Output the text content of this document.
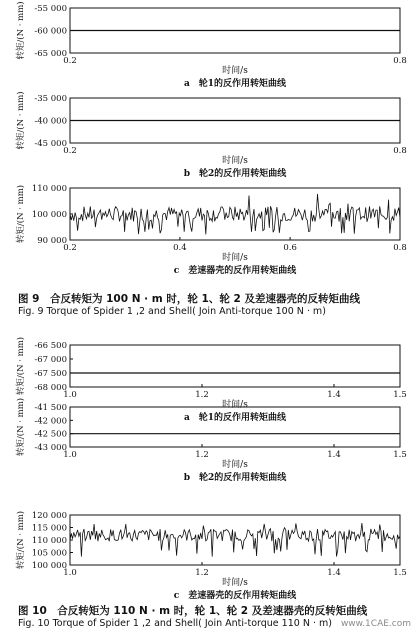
-55 000
-60 000
-65 000
0.2	0.8
转矩/(N · mm)
时间/s
a　轮1的反作用转矩曲线
-35 000
-40 000
-45 000
0.2	0.8
转矩/(N · mm)
时间/s
b　轮2的反作用转矩曲线
110 000
100 000
90 000
0.2	0.4	0.6	0.8
转矩/(N · mm)
时间/s
c　差速器壳的反作用转矩曲线
-66 500
-67 000
-67 500
-68 000
1.0	1.2	1.4	1.5
转矩/(N · mm)
时间/s
a　轮1的反作用转矩曲线
-41 500
-42 000
-42 500
-43 000
1.0	1.2	1.4	1.5
转矩/(N · mm)
时间/s
b　轮2的反作用转矩曲线
120 000
115 000
110 000
105 000
100 000
1.0	1.2	1.4	1.5
转矩/(N · mm)
时间/s
c　差速器壳的反作用转矩曲线
图 9　合反转矩为 100 N · m 时，轮 1、轮 2 及差速器壳的反转矩曲线
Fig. 9 Torque of Spider 1 ,2 and Shell( Join Anti-torque 100 N · m)
图 10　合反转矩为 110 N · m 时，轮 1、轮 2 及差速器壳的反转矩曲线
Fig. 10 Torque of Spider 1 ,2 and Shell( Join Anti-torque 110 N · m) www.1CAE.com
